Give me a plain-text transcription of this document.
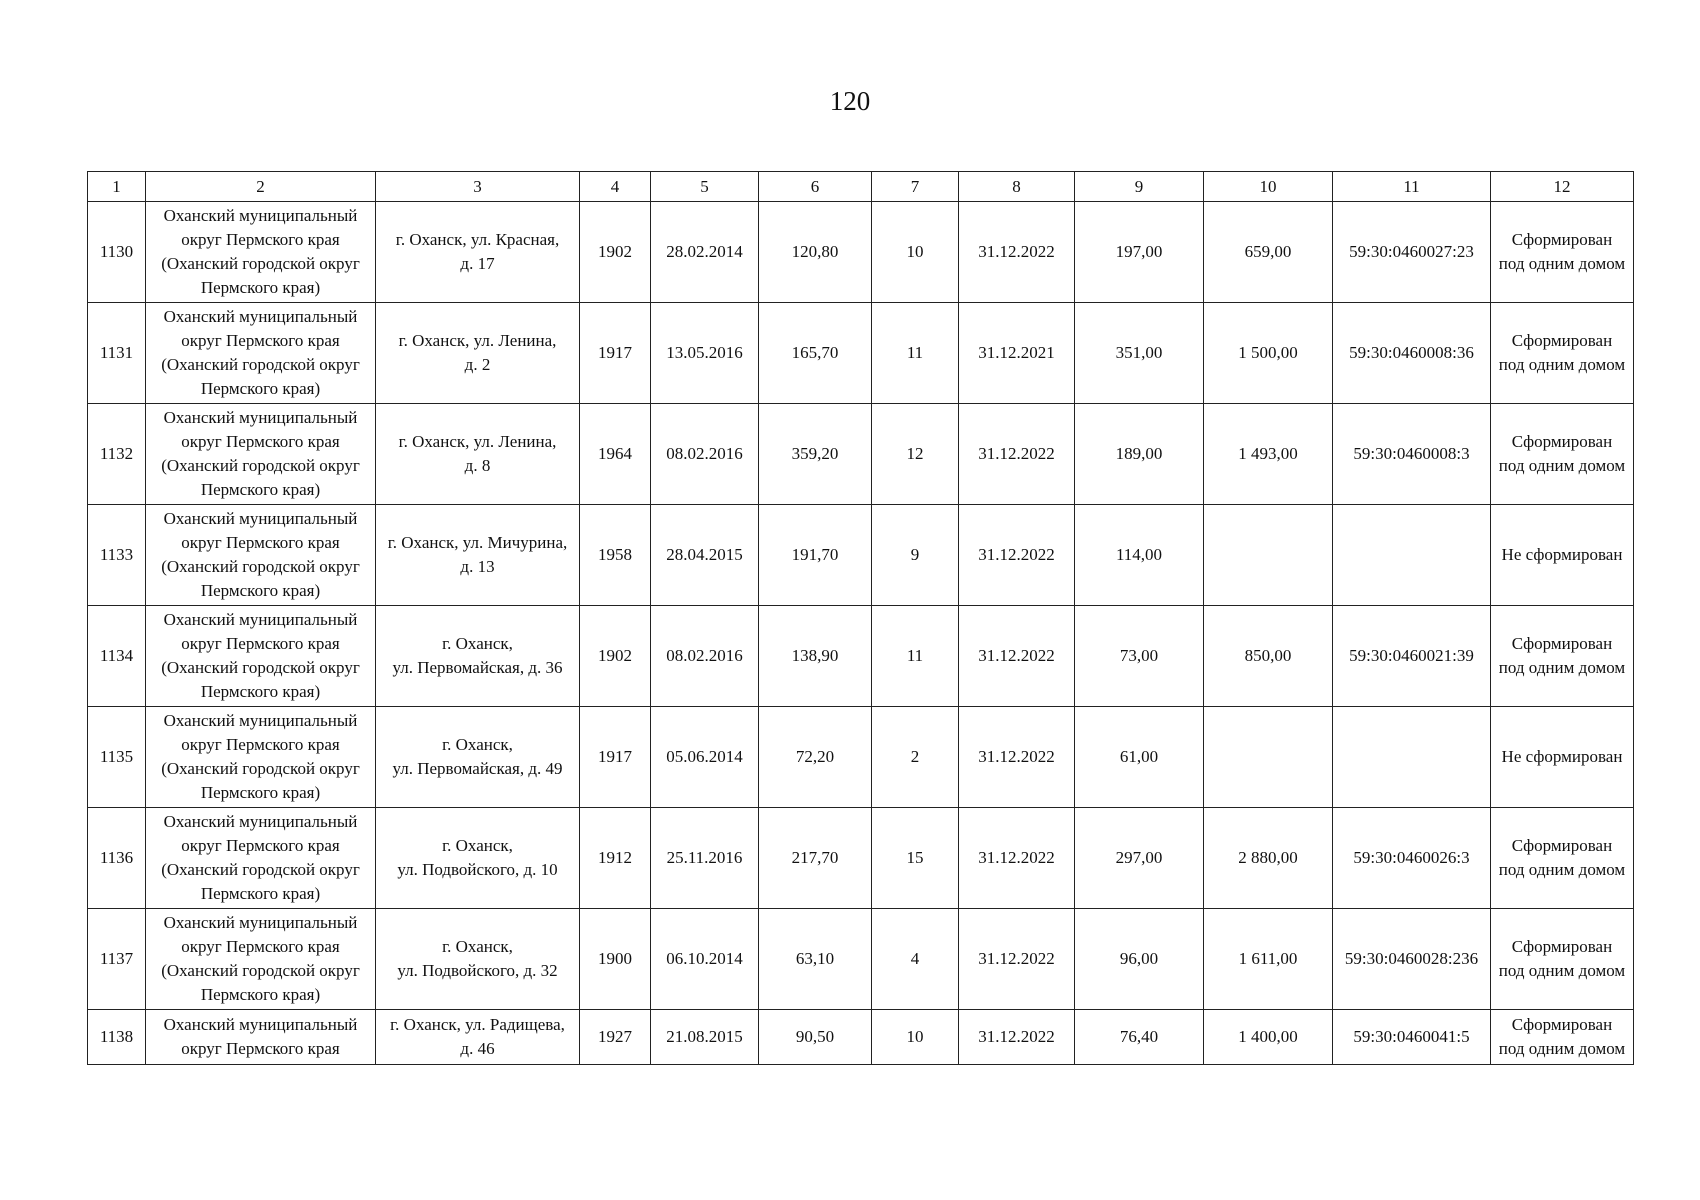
120
1	2	3	4	5	6	7	8	9	10	11	12
1130	Оханский муниципальный
округ Пермского края
(Оханский городской округ
Пермского края)	г. Оханск, ул. Красная,
д. 17	1902	28.02.2014	120,80	10	31.12.2022	197,00	659,00	59:30:0460027:23	Сформирован
под одним домом

1131	Оханский муниципальный
округ Пермского края
(Оханский городской округ
Пермского края)	г. Оханск, ул. Ленина,
д. 2	1917	13.05.2016	165,70	11	31.12.2021	351,00	1 500,00	59:30:0460008:36	Сформирован
под одним домом

1132	Оханский муниципальный
округ Пермского края
(Оханский городской округ
Пермского края)	г. Оханск, ул. Ленина,
д. 8	1964	08.02.2016	359,20	12	31.12.2022	189,00	1 493,00	59:30:0460008:3	Сформирован
под одним домом

1133	Оханский муниципальный
округ Пермского края
(Оханский городской округ
Пермского края)	г. Оханск, ул. Мичурина,
д. 13	1958	28.04.2015	191,70	9	31.12.2022	114,00			Не сформирован

1134	Оханский муниципальный
округ Пермского края
(Оханский городской округ
Пермского края)	г. Оханск,
ул. Первомайская, д. 36	1902	08.02.2016	138,90	11	31.12.2022	73,00	850,00	59:30:0460021:39	Сформирован
под одним домом

1135	Оханский муниципальный
округ Пермского края
(Оханский городской округ
Пермского края)	г. Оханск,
ул. Первомайская, д. 49	1917	05.06.2014	72,20	2	31.12.2022	61,00			Не сформирован

1136	Оханский муниципальный
округ Пермского края
(Оханский городской округ
Пермского края)	г. Оханск,
ул. Подвойского, д. 10	1912	25.11.2016	217,70	15	31.12.2022	297,00	2 880,00	59:30:0460026:3	Сформирован
под одним домом

1137	Оханский муниципальный
округ Пермского края
(Оханский городской округ
Пермского края)	г. Оханск,
ул. Подвойского, д. 32	1900	06.10.2014	63,10	4	31.12.2022	96,00	1 611,00	59:30:0460028:236	Сформирован
под одним домом

1138	Оханский муниципальный
округ Пермского края	г. Оханск, ул. Радищева,
д. 46	1927	21.08.2015	90,50	10	31.12.2022	76,40	1 400,00	59:30:0460041:5	Сформирован
под одним домом
